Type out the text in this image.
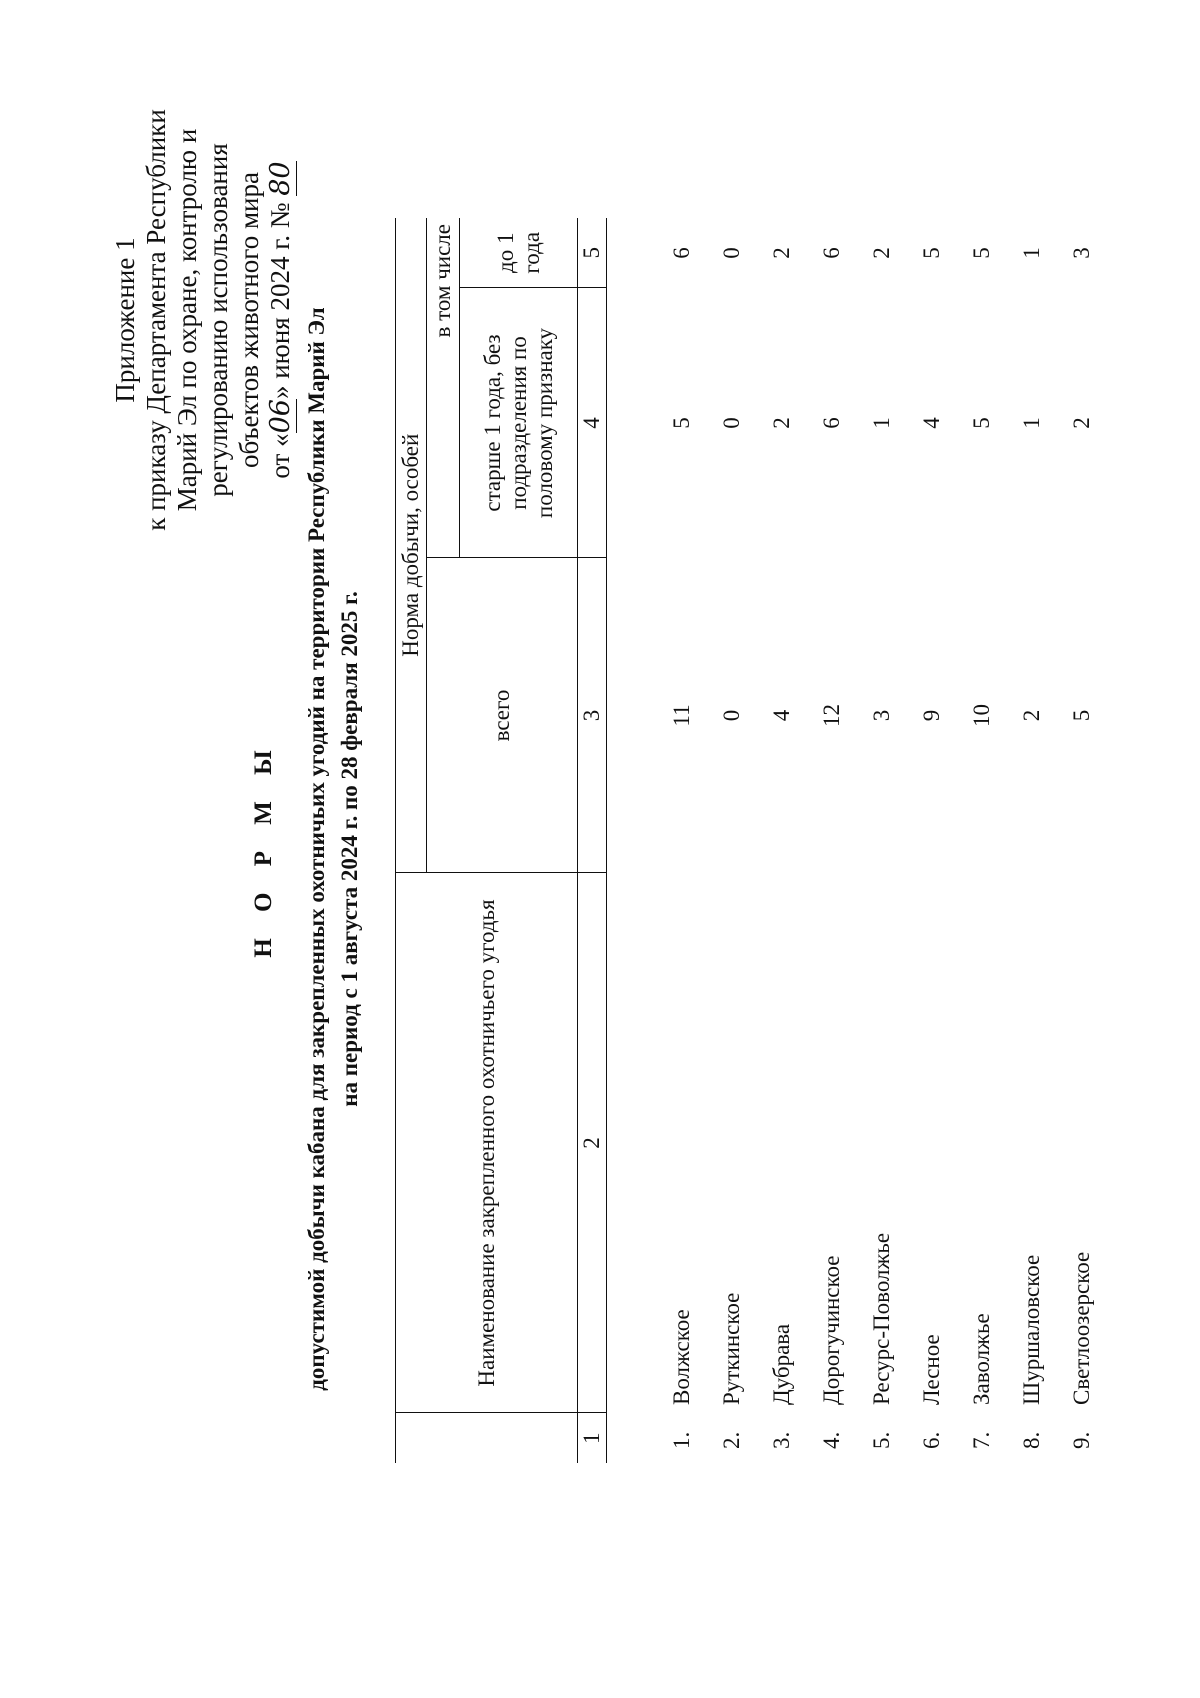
Приложение 1 к приказу Департамента Республики Марий Эл по охране, контролю и регулированию использования объектов животного мира от «06» июня 2024 г. № 80
Н О Р М Ы допустимой добычи кабана для закрепленных охотничьих угодий на территории Республики Марий Эл на период с 1 августа 2024 г. по 28 февраля 2025 г.
	Наименование закрепленного охотничьего угодья	Норма добычи, особей		
		всего	в том числе	
			старше 1 года, без подразделения по половому признаку	до 1 года
1	2	3	4	5

1.	Волжское	11	5	6
2.	Руткинское	0	0	0
3.	Дубрава	4	2	2
4.	Дорогучинское	12	6	6
5.	Ресурс-Поволжье	3	1	2
6.	Лесное	9	4	5
7.	Заволжье	10	5	5
8.	Шуршаловское	2	1	1
9.	Светлоозерское	5	2	3
